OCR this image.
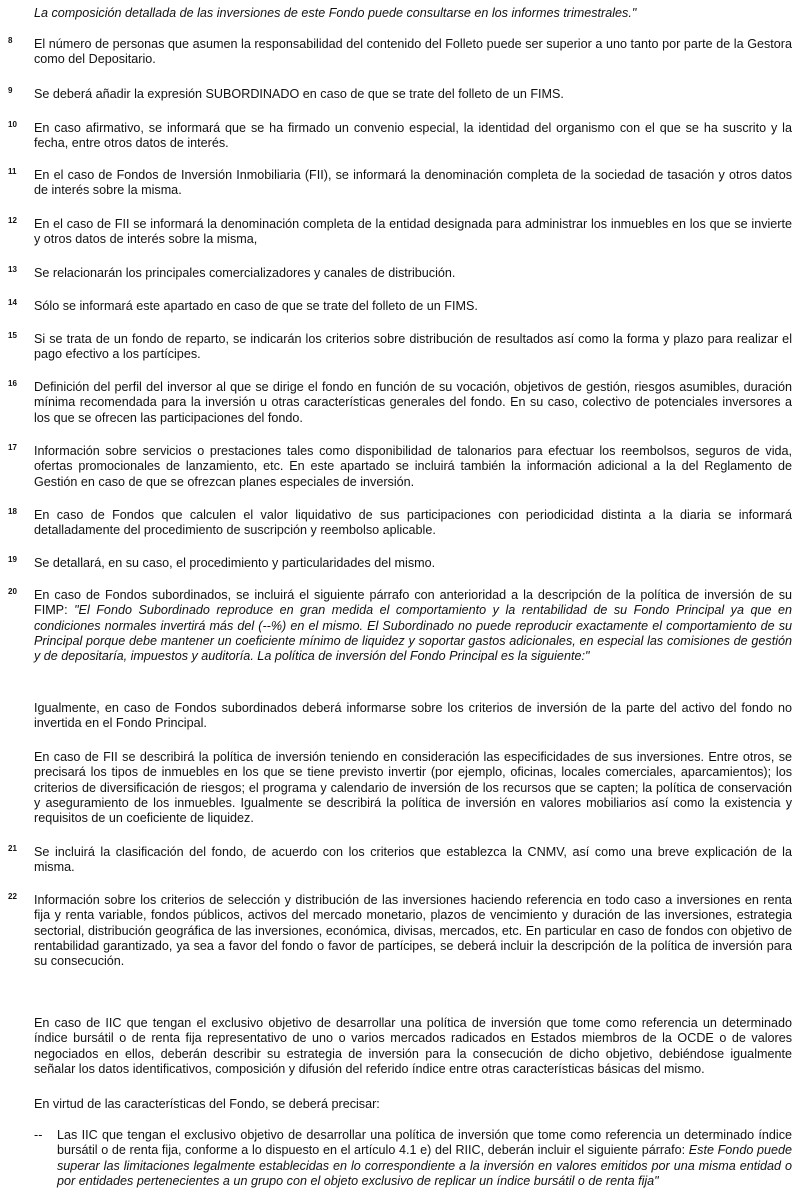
La composición detallada de las inversiones de este Fondo puede consultarse en los informes trimestrales."
8 El número de personas que asumen la responsabilidad del contenido del Folleto puede ser superior a uno tanto por parte de la Gestora como del Depositario.
9 Se deberá añadir la expresión SUBORDINADO en caso de que se trate del folleto de un FIMS.
10 En caso afirmativo, se informará que se ha firmado un convenio especial, la identidad del organismo con el que se ha suscrito y la fecha, entre otros datos de interés.
11 En el caso de Fondos de Inversión Inmobiliaria (FII), se informará la denominación completa de la sociedad de tasación y otros datos de interés sobre la misma.
12 En el caso de FII se informará la denominación completa de la entidad designada para administrar los inmuebles en los que se invierte y otros datos de interés sobre la misma,
13 Se relacionarán los principales comercializadores y canales de distribución.
14 Sólo se informará este apartado en caso de que se trate del folleto de un FIMS.
15 Si se trata de un fondo de reparto, se indicarán los criterios sobre distribución de resultados así como la forma y plazo para realizar el pago efectivo a los partícipes.
16 Definición del perfil del inversor al que se dirige el fondo en función de su vocación, objetivos de gestión, riesgos asumibles, duración mínima recomendada para la inversión u otras características generales del fondo. En su caso, colectivo de potenciales inversores a los que se ofrecen las participaciones del fondo.
17 Información sobre servicios o prestaciones tales como disponibilidad de talonarios para efectuar los reembolsos, seguros de vida, ofertas promocionales de lanzamiento, etc. En este apartado se incluirá también la información adicional a la del Reglamento de Gestión en caso de que se ofrezcan planes especiales de inversión.
18 En caso de Fondos que calculen el valor liquidativo de sus participaciones con periodicidad distinta a la diaria se informará detalladamente del procedimiento de suscripción y reembolso aplicable.
19 Se detallará, en su caso, el procedimiento y particularidades del mismo.
20 En caso de Fondos subordinados, se incluirá el siguiente párrafo con anterioridad a la descripción de la política de inversión de su FIMP: "El Fondo Subordinado reproduce en gran medida el comportamiento y la rentabilidad de su Fondo Principal ya que en condiciones normales invertirá más del (--%) en el mismo. El Subordinado no puede reproducir exactamente el comportamiento de su Principal porque debe mantener un coeficiente mínimo de liquidez y soportar gastos adicionales, en especial las comisiones de gestión y de depositaría, impuestos y auditoría. La política de inversión del Fondo Principal es la siguiente:"
Igualmente, en caso de Fondos subordinados deberá informarse sobre los criterios de inversión de la parte del activo del fondo no invertida en el Fondo Principal.
En caso de FII se describirá la política de inversión teniendo en consideración las especificidades de sus inversiones. Entre otros, se precisará los tipos de inmuebles en los que se tiene previsto invertir (por ejemplo, oficinas, locales comerciales, aparcamientos); los criterios de diversificación de riesgos; el programa y calendario de inversión de los recursos que se capten; la política de conservación y aseguramiento de los inmuebles. Igualmente se describirá la política de inversión en valores mobiliarios así como la existencia y requisitos de un coeficiente de liquidez.
21 Se incluirá la clasificación del fondo, de acuerdo con los criterios que establezca la CNMV, así como una breve explicación de la misma.
22 Información sobre los criterios de selección y distribución de las inversiones haciendo referencia en todo caso a inversiones en renta fija y renta variable, fondos públicos, activos del mercado monetario, plazos de vencimiento y duración de las inversiones, estrategia sectorial, distribución geográfica de las inversiones, económica, divisas, mercados, etc. En particular en caso de fondos con objetivo de rentabilidad garantizado, ya sea a favor del fondo o favor de partícipes, se deberá incluir la descripción de la política de inversión para su consecución.
En caso de IIC que tengan el exclusivo objetivo de desarrollar una política de inversión que tome como referencia un determinado índice bursátil o de renta fija representativo de uno o varios mercados radicados en Estados miembros de la OCDE o de valores negociados en ellos, deberán describir su estrategia de inversión para la consecución de dicho objetivo, debiéndose igualmente señalar los datos identificativos, composición y difusión del referido índice entre otras características básicas del mismo.
En virtud de las características del Fondo, se deberá precisar:
-- Las IIC que tengan el exclusivo objetivo de desarrollar una política de inversión que tome como referencia un determinado índice bursátil o de renta fija, conforme a lo dispuesto en el artículo 4.1 e) del RIIC, deberán incluir el siguiente párrafo: Este Fondo puede superar las limitaciones legalmente establecidas en lo correspondiente a la inversión en valores emitidos por una misma entidad o por entidades pertenecientes a un grupo con el objeto exclusivo de replicar un índice bursátil o de renta fija"
